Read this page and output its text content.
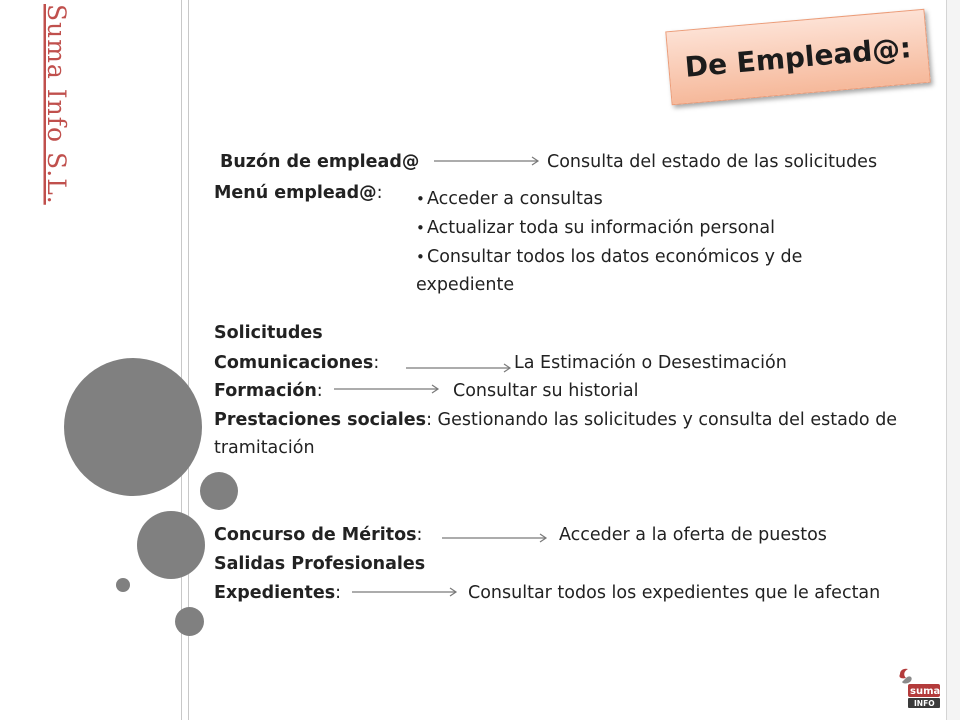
Suma Info S.L.	De Emplead@:
Buzón de emplead@	Consulta del estado de las solicitudes
Menú emplead@:
•	Acceder a consultas
• Actualizar toda su información personal
• Consultar todos los datos económicos y de
expediente
Solicitudes
Comunicaciones:	La Estimación o Desestimación
Formación:	Consultar su historial
Prestaciones sociales: Gestionando las solicitudes y consulta del estado de
tramitación
Concurso de Méritos:	Acceder a la oferta de puestos
Salidas Profesionales
Expedientes:	Consultar todos los expedientes que le afectan
suma
INFO
